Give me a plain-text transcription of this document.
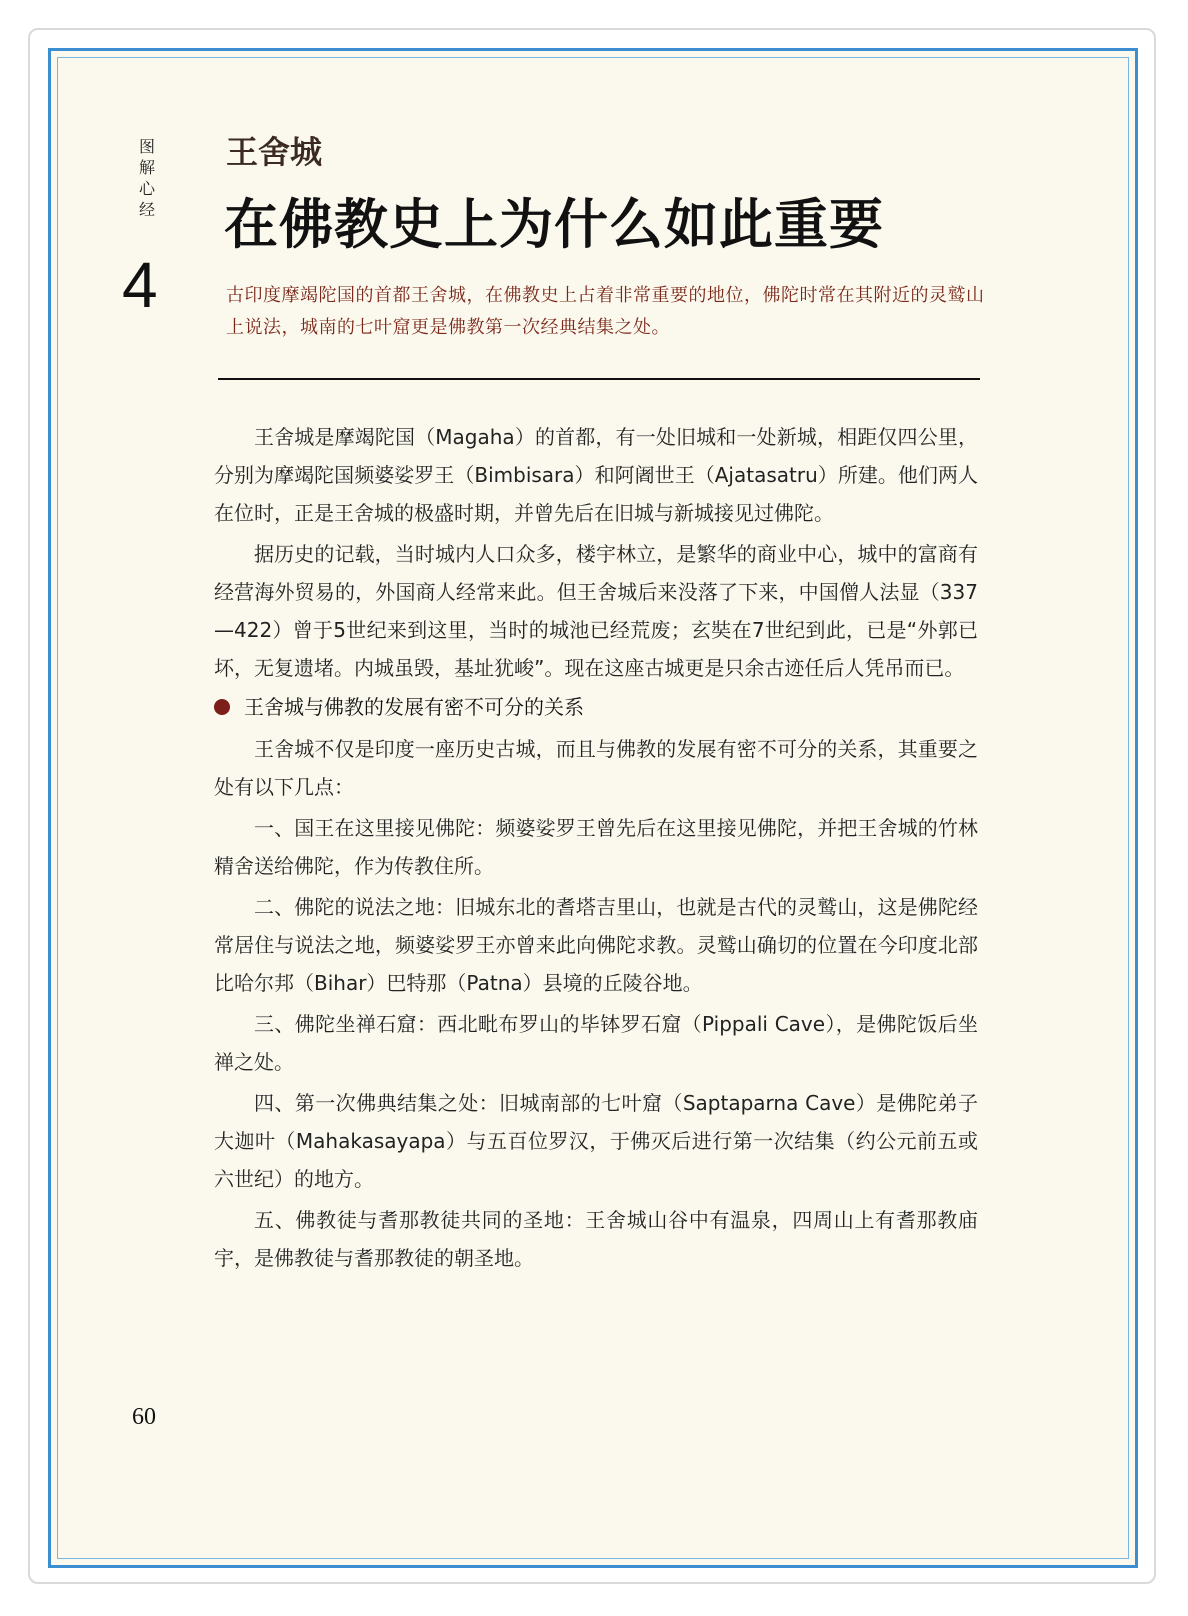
图
解
心
经
4
王舍城
在佛教史上为什么如此重要
古印度摩竭陀国的首都王舍城，在佛教史上占着非常重要的地位，佛陀时常在其附近的灵鹫山上说法，城南的七叶窟更是佛教第一次经典结集之处。

王舍城是摩竭陀国（Magaha）的首都，有一处旧城和一处新城，相距仅四公里，分别为摩竭陀国频婆娑罗王（Bimbisara）和阿阇世王（Ajatasatru）所建。他们两人在位时，正是王舍城的极盛时期，并曾先后在旧城与新城接见过佛陀。

据历史的记载，当时城内人口众多，楼宇林立，是繁华的商业中心，城中的富商有经营海外贸易的，外国商人经常来此。但王舍城后来没落了下来，中国僧人法显（337—422）曾于5世纪来到这里，当时的城池已经荒废；玄奘在7世纪到此，已是“外郭已坏，无复遗堵。内城虽毁，基址犹峻”。现在这座古城更是只余古迹任后人凭吊而已。

王舍城与佛教的发展有密不可分的关系

王舍城不仅是印度一座历史古城，而且与佛教的发展有密不可分的关系，其重要之处有以下几点：

一、国王在这里接见佛陀：频婆娑罗王曾先后在这里接见佛陀，并把王舍城的竹林精舍送给佛陀，作为传教住所。

二、佛陀的说法之地：旧城东北的耆塔吉里山，也就是古代的灵鹫山，这是佛陀经常居住与说法之地，频婆娑罗王亦曾来此向佛陀求教。灵鹫山确切的位置在今印度北部比哈尔邦（Bihar）巴特那（Patna）县境的丘陵谷地。

三、佛陀坐禅石窟：西北毗布罗山的毕钵罗石窟（Pippali Cave），是佛陀饭后坐禅之处。

四、第一次佛典结集之处：旧城南部的七叶窟（Saptaparna Cave）是佛陀弟子大迦叶（Mahakasayapa）与五百位罗汉，于佛灭后进行第一次结集（约公元前五或六世纪）的地方。

五、佛教徒与耆那教徒共同的圣地：王舍城山谷中有温泉，四周山上有耆那教庙宇，是佛教徒与耆那教徒的朝圣地。

60
